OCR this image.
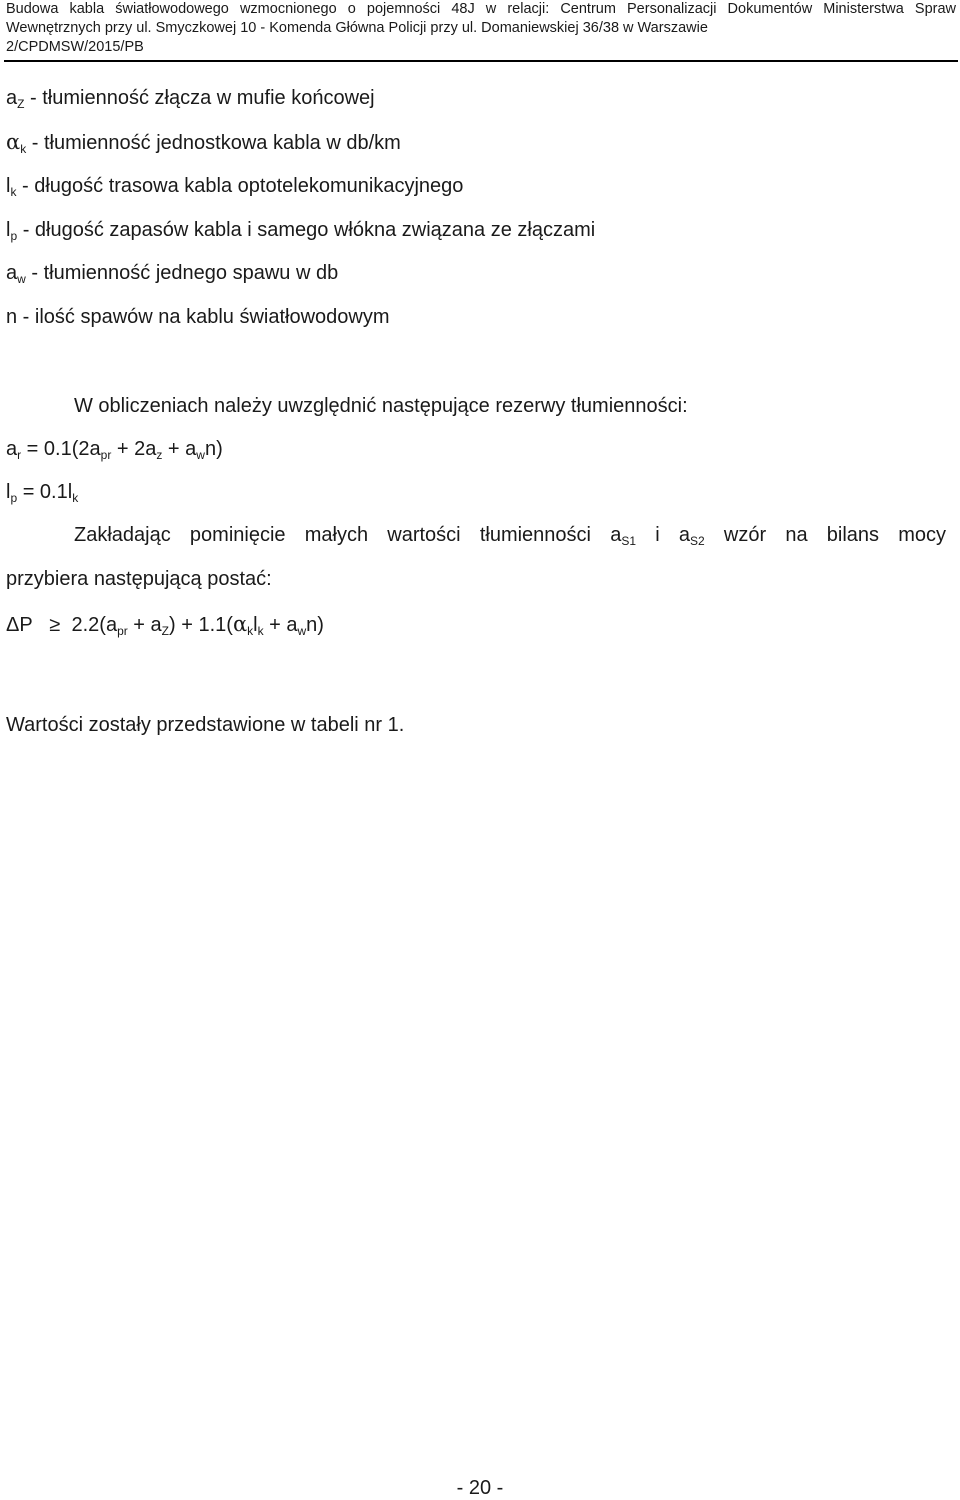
Budowa kabla światłowodowego wzmocnionego o pojemności 48J w relacji: Centrum Personalizacji Dokumentów Ministerstwa Spraw
Wewnętrznych przy ul. Smyczkowej 10 - Komenda Główna Policji przy ul. Domaniewskiej 36/38 w Warszawie
2/CPDMSW/2015/PB
$a_Z$ - tłumienność złącza w mufie końcowej
$\alpha_k$ - tłumienność jednostkowa kabla w db/km
$l_k$ - długość trasowa kabla optotelekomunikacyjnego
$l_p$ - długość zapasów kabla i samego włókna związana ze złączami
$a_w$ - tłumienność jednego spawu w db
n - ilość spawów na kablu światłowodowym
W obliczeniach należy uwzględnić następujące rezerwy tłumienności:
$a_r = 0.1(2a_{pr} + 2a_z + a_wn)$
$l_p = 0.1l_k$
Zakładając pominięcie małych wartości tłumienności $a_{S1}$ i $a_{S2}$ wzór na bilans mocy
przybiera następującą postać:
$\Delta P \ge 2.2(a_{pr} + a_Z) + 1.1(\alpha_kl_k + a_wn)$
Wartości zostały przedstawione w tabeli nr 1.
- 20 -
